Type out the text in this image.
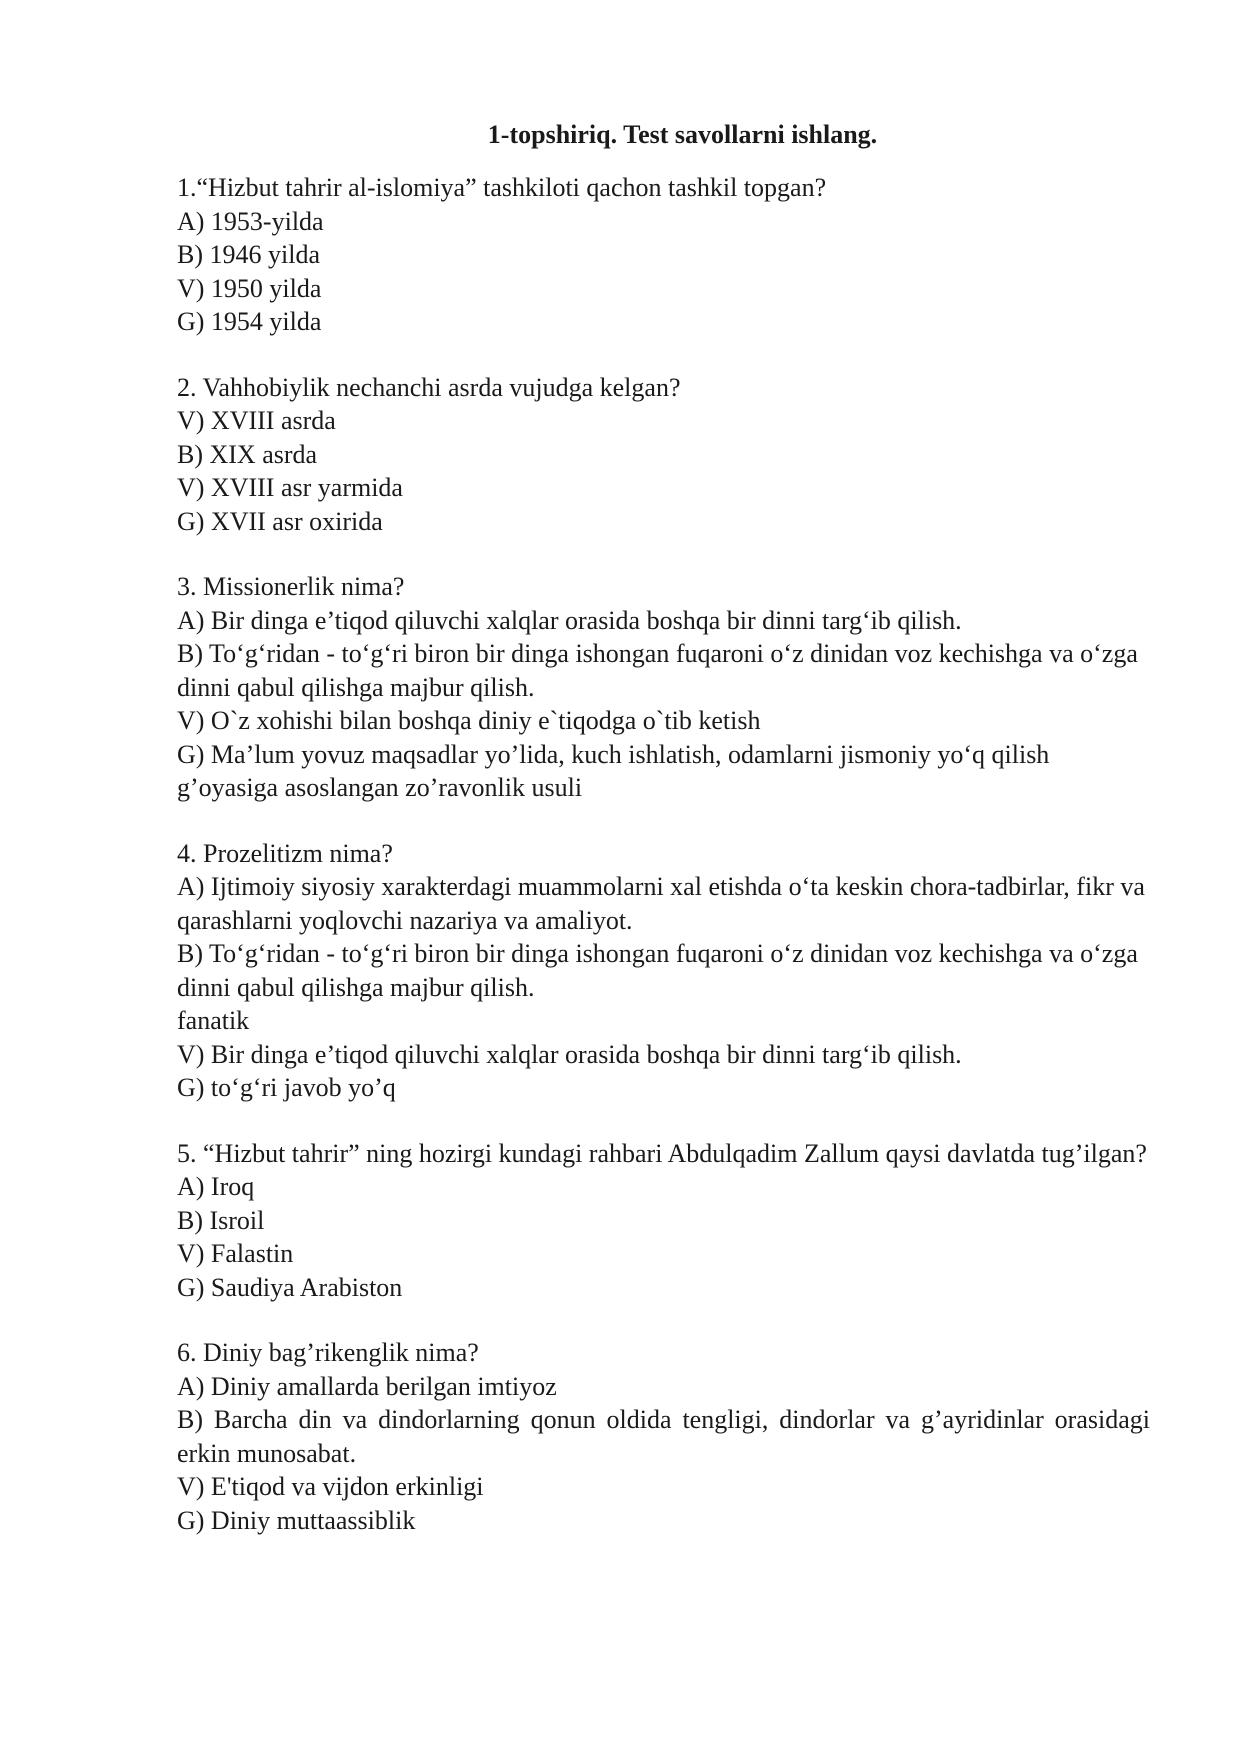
1-topshiriq. Test savollarni ishlang.

1.“Hizbut tahrir al-islomiya” tashkiloti qachon tashkil topgan?

A) 1953-yilda

B) 1946 yilda

V) 1950 yilda

G) 1954 yilda

2. Vahhobiylik nechanchi asrda vujudga kelgan?

V) XVIII asrda

B) XIX asrda

V) XVIII asr yarmida

G) XVII asr oxirida

3. Missionerlik nima?

A) Bir dinga e’tiqod qiluvchi xalqlar orasida boshqa bir dinni targʻib qilish.

B) Toʻgʻridan - toʻgʻri biron bir dinga ishongan fuqaroni oʻz dinidan voz kechishga va oʻzga dinni qabul qilishga majbur qilish.

V) O`z xohishi bilan boshqa diniy e`tiqodga o`tib ketish

G) Ma’lum yovuz maqsadlar yo’lida, kuch ishlatish, odamlarni jismoniy yoʻq qilish g’oyasiga asoslangan zo’ravonlik usuli

4. Prozelitizm nima?

A) Ijtimoiy siyosiy xarakterdagi muammolarni xal etishda oʻta keskin chora-tadbirlar, fikr va qarashlarni yoqlovchi nazariya va amaliyot.

B) Toʻgʻridan - toʻgʻri biron bir dinga ishongan fuqaroni oʻz dinidan voz kechishga va oʻzga dinni qabul qilishga majbur qilish.

fanatik

V) Bir dinga e’tiqod qiluvchi xalqlar orasida boshqa bir dinni targʻib qilish.

G) toʻgʻri javob yo’q

5. “Hizbut tahrir” ning hozirgi kundagi rahbari Abdulqadim Zallum qaysi davlatda tug’ilgan?

A) Iroq

B) Isroil

V) Falastin

G) Saudiya Arabiston

6. Diniy bag’rikenglik nima?

A) Diniy amallarda berilgan imtiyoz

B) Barcha din va dindorlarning qonun oldida tengligi, dindorlar va g’ayridinlar orasidagi erkin munosabat.

V) E'tiqod va vijdon erkinligi

G) Diniy muttaassiblik
